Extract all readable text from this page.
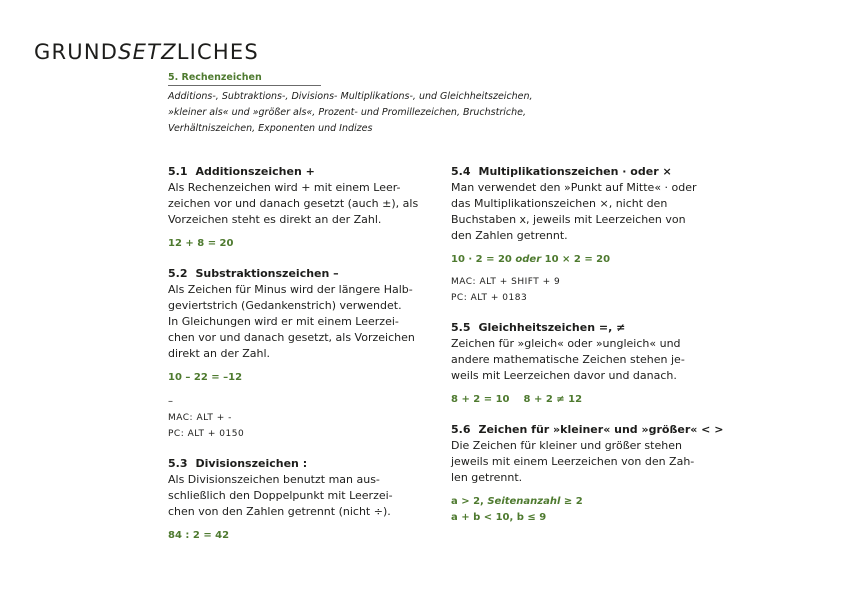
GRUNDSETZLICHES
5. Rechenzeichen
Additions-, Subtraktions-, Divisions- Multiplikations-, und Gleichheitszeichen,
»kleiner als« und »größer als«, Prozent- und Promillezeichen, Bruchstriche,
Verhältniszeichen, Exponenten und Indizes
5.1 Additionszeichen +
Als Rechenzeichen wird + mit einem Leer-
zeichen vor und danach gesetzt (auch ±), als
Vorzeichen steht es direkt an der Zahl.
12 + 8 = 20
5.2 Substraktionszeichen –
Als Zeichen für Minus wird der längere Halb-
geviertstrich (Gedankenstrich) verwendet.
In Gleichungen wird er mit einem Leerzei-
chen vor und danach gesetzt, als Vorzeichen
direkt an der Zahl.
10 – 22 = –12
–
MAC: ALT + -
PC: ALT + 0150
5.3 Divisionszeichen :
Als Divisionszeichen benutzt man aus-
schließlich den Doppelpunkt mit Leerzei-
chen von den Zahlen getrennt (nicht ÷).
84 : 2 = 42
5.4 Multiplikationszeichen · oder ×
Man verwendet den »Punkt auf Mitte« · oder
das Multiplikationszeichen ×, nicht den
Buchstaben x, jeweils mit Leerzeichen von
den Zahlen getrennt.
10 · 2 = 20 oder 10 × 2 = 20
MAC: ALT + SHIFT + 9
PC: ALT + 0183
5.5 Gleichheitszeichen =, ≠
Zeichen für »gleich« oder »ungleich« und
andere mathematische Zeichen stehen je-
weils mit Leerzeichen davor und danach.
8 + 2 = 10 8 + 2 ≠ 12
5.6 Zeichen für »kleiner« und »größer« < >
Die Zeichen für kleiner und größer stehen
jeweils mit einem Leerzeichen von den Zah-
len getrennt.
a > 2, Seitenanzahl ≥ 2
a + b < 10, b ≤ 9
